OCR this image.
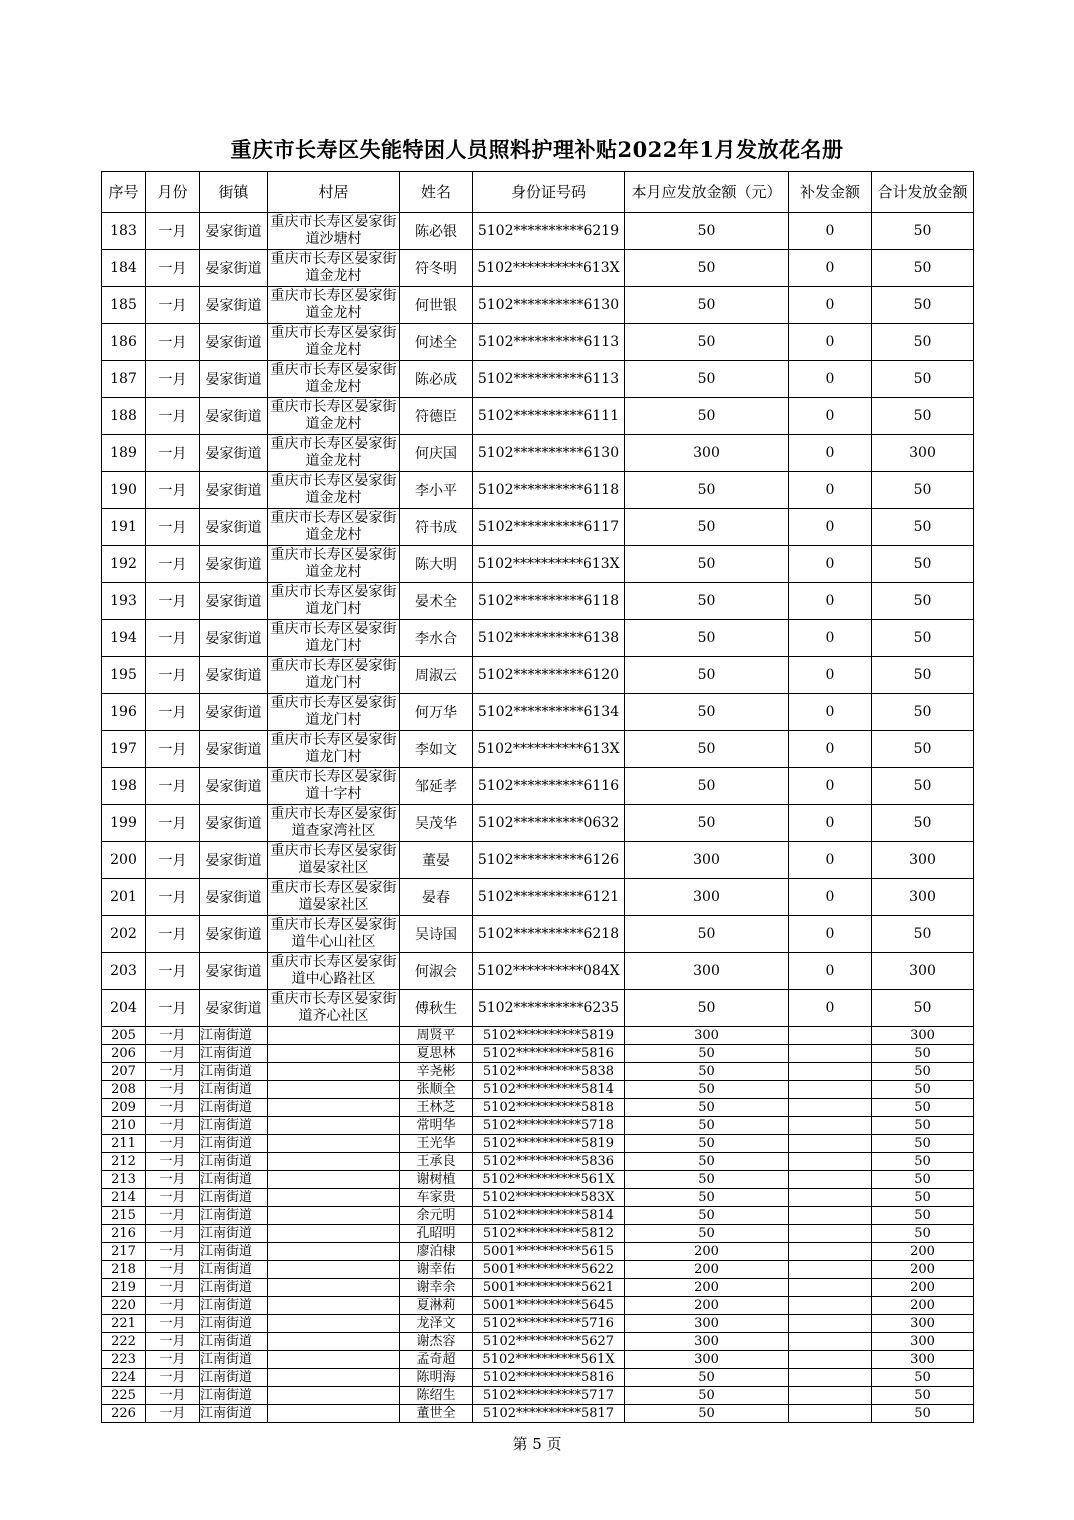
重庆市长寿区失能特困人员照料护理补贴2022年1月发放花名册
序号	月份	街镇	村居	姓名	身份证号码	本月应发放金额（元）	补发金额	合计发放金额
183	一月	晏家街道	重庆市长寿区晏家街道沙塘村	陈必银	5102**********6219	50	0	50
184	一月	晏家街道	重庆市长寿区晏家街道金龙村	符冬明	5102**********613X	50	0	50
185	一月	晏家街道	重庆市长寿区晏家街道金龙村	何世银	5102**********6130	50	0	50
186	一月	晏家街道	重庆市长寿区晏家街道金龙村	何述全	5102**********6113	50	0	50
187	一月	晏家街道	重庆市长寿区晏家街道金龙村	陈必成	5102**********6113	50	0	50
188	一月	晏家街道	重庆市长寿区晏家街道金龙村	符德臣	5102**********6111	50	0	50
189	一月	晏家街道	重庆市长寿区晏家街道金龙村	何庆国	5102**********6130	300	0	300
190	一月	晏家街道	重庆市长寿区晏家街道金龙村	李小平	5102**********6118	50	0	50
191	一月	晏家街道	重庆市长寿区晏家街道金龙村	符书成	5102**********6117	50	0	50
192	一月	晏家街道	重庆市长寿区晏家街道金龙村	陈大明	5102**********613X	50	0	50
193	一月	晏家街道	重庆市长寿区晏家街道龙门村	晏术全	5102**********6118	50	0	50
194	一月	晏家街道	重庆市长寿区晏家街道龙门村	李水合	5102**********6138	50	0	50
195	一月	晏家街道	重庆市长寿区晏家街道龙门村	周淑云	5102**********6120	50	0	50
196	一月	晏家街道	重庆市长寿区晏家街道龙门村	何万华	5102**********6134	50	0	50
197	一月	晏家街道	重庆市长寿区晏家街道龙门村	李如文	5102**********613X	50	0	50
198	一月	晏家街道	重庆市长寿区晏家街道十字村	邹延孝	5102**********6116	50	0	50
199	一月	晏家街道	重庆市长寿区晏家街道查家湾社区	吴茂华	5102**********0632	50	0	50
200	一月	晏家街道	重庆市长寿区晏家街道晏家社区	董晏	5102**********6126	300	0	300
201	一月	晏家街道	重庆市长寿区晏家街道晏家社区	晏春	5102**********6121	300	0	300
202	一月	晏家街道	重庆市长寿区晏家街道牛心山社区	吴诗国	5102**********6218	50	0	50
203	一月	晏家街道	重庆市长寿区晏家街道中心路社区	何淑会	5102**********084X	300	0	300
204	一月	晏家街道	重庆市长寿区晏家街道齐心社区	傅秋生	5102**********6235	50	0	50
205	一月	江南街道		周贤平	5102**********5819	300		300
206	一月	江南街道		夏思林	5102**********5816	50		50
207	一月	江南街道		辛尧彬	5102**********5838	50		50
208	一月	江南街道		张顺全	5102**********5814	50		50
209	一月	江南街道		王林芝	5102**********5818	50		50
210	一月	江南街道		常明华	5102**********5718	50		50
211	一月	江南街道		王光华	5102**********5819	50		50
212	一月	江南街道		王承良	5102**********5836	50		50
213	一月	江南街道		谢树植	5102**********561X	50		50
214	一月	江南街道		车家贵	5102**********583X	50		50
215	一月	江南街道		余元明	5102**********5814	50		50
216	一月	江南街道		孔昭明	5102**********5812	50		50
217	一月	江南街道		廖泊棣	5001**********5615	200		200
218	一月	江南街道		谢幸佑	5001**********5622	200		200
219	一月	江南街道		谢幸余	5001**********5621	200		200
220	一月	江南街道		夏淋莉	5001**********5645	200		200
221	一月	江南街道		龙泽文	5102**********5716	300		300
222	一月	江南街道		谢杰容	5102**********5627	300		300
223	一月	江南街道		孟奇超	5102**********561X	300		300
224	一月	江南街道		陈明海	5102**********5816	50		50
225	一月	江南街道		陈绍生	5102**********5717	50		50
226	一月	江南街道		董世全	5102**********5817	50		50
第 5 页
